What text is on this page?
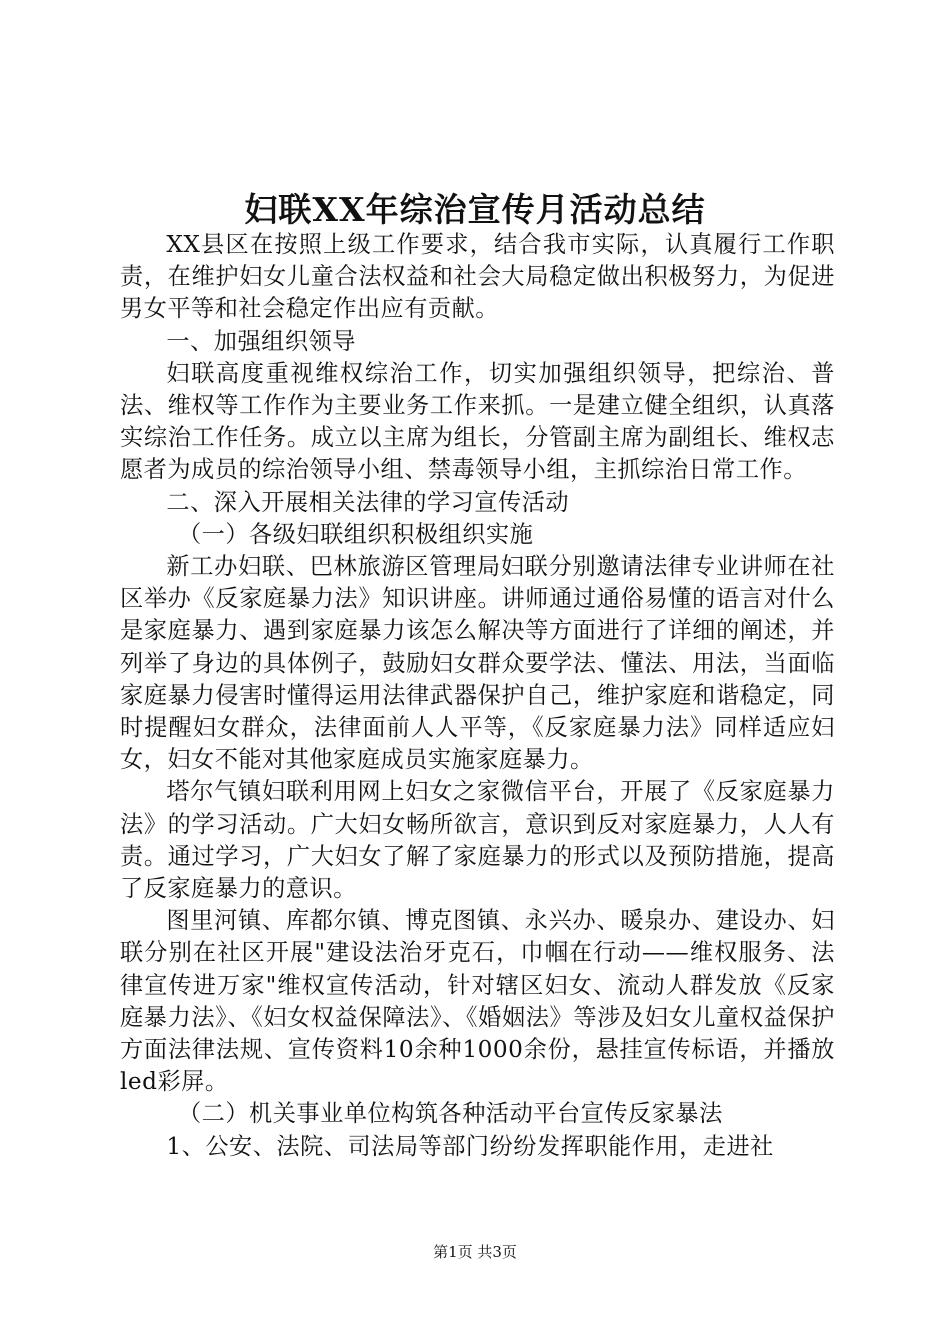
妇联XX年综治宣传月活动总结

XX县区在按照上级工作要求，结合我市实际，认真履行工作职责，在维护妇女儿童合法权益和社会大局稳定做出积极努力，为促进男女平等和社会稳定作出应有贡献。

一、加强组织领导

妇联高度重视维权综治工作，切实加强组织领导，把综治、普法、维权等工作作为主要业务工作来抓。一是建立健全组织，认真落实综治工作任务。成立以主席为组长，分管副主席为副组长、维权志愿者为成员的综治领导小组、禁毒领导小组，主抓综治日常工作。

二、深入开展相关法律的学习宣传活动

（一）各级妇联组织积极组织实施

新工办妇联、巴林旅游区管理局妇联分别邀请法律专业讲师在社区举办《反家庭暴力法》知识讲座。讲师通过通俗易懂的语言对什么是家庭暴力、遇到家庭暴力该怎么解决等方面进行了详细的阐述，并列举了身边的具体例子，鼓励妇女群众要学法、懂法、用法，当面临家庭暴力侵害时懂得运用法律武器保护自己，维护家庭和谐稳定，同时提醒妇女群众，法律面前人人平等，《反家庭暴力法》同样适应妇女，妇女不能对其他家庭成员实施家庭暴力。

塔尔气镇妇联利用网上妇女之家微信平台，开展了《反家庭暴力法》的学习活动。广大妇女畅所欲言，意识到反对家庭暴力，人人有责。通过学习，广大妇女了解了家庭暴力的形式以及预防措施，提高了反家庭暴力的意识。

图里河镇、库都尔镇、博克图镇、永兴办、暖泉办、建设办、妇联分别在社区开展"建设法治牙克石，巾帼在行动——维权服务、法律宣传进万家"维权宣传活动，针对辖区妇女、流动人群发放《反家庭暴力法》、《妇女权益保障法》、《婚姻法》等涉及妇女儿童权益保护方面法律法规、宣传资料10余种1000余份，悬挂宣传标语，并播放led彩屏。

（二）机关事业单位构筑各种活动平台宣传反家暴法

1、公安、法院、司法局等部门纷纷发挥职能作用，走进社

第1页 共3页
